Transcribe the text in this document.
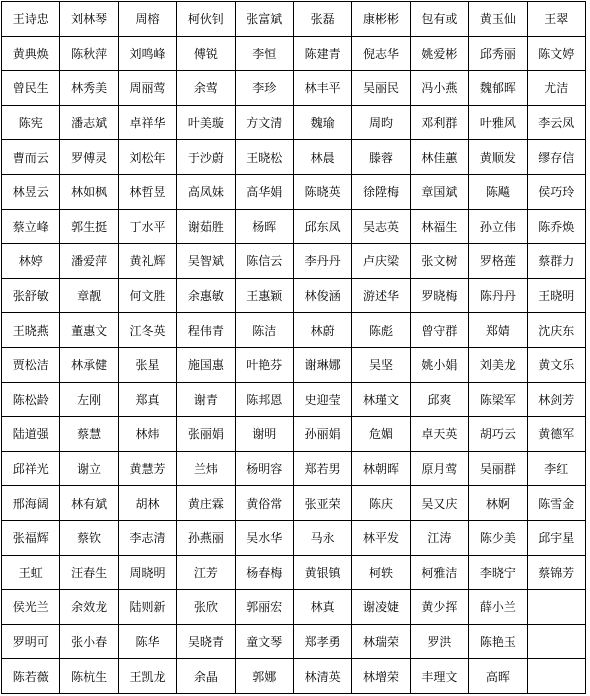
王诗忠	刘林琴	周榕	柯伙钊	张富斌	张磊	康彬彬	包有或	黄玉仙	王翠
黄典焕	陈秋萍	刘鸣峰	傅锐	李恒	陈建青	倪志华	姚爱彬	邱秀丽	陈文婷
曾民生	林秀美	周丽莺	余莺	李珍	林丰平	吴丽民	冯小燕	魏郁晖	尤洁
陈宪	潘志斌	卓祥华	叶美璇	方文清	魏瑜	周昀	邓利群	叶雅风	李云凤
曹而云	罗傅灵	刘松年	于沙蔚	王晓松	林晨	滕蓉	林佳蕙	黄顺发	缪存信
林昱云	林如枫	林哲昱	高凤妹	高华娟	陈晓英	徐陞梅	章国斌	陈飚	侯巧玲
蔡立峰	郭生挺	丁水平	谢茹胜	杨晖	邱东凤	吴志英	林福生	孙立伟	陈乔焕
林婷	潘爱萍	黄礼辉	吴智斌	陈信云	李丹丹	卢庆梁	张文树	罗格莲	蔡群力
张舒敏	章靓	何文胜	余惠敏	王惠颖	林俊涵	游述华	罗晓梅	陈丹丹	王晓明
王晓燕	董惠文	江冬英	程伟青	陈洁	林蔚	陈彪	曾守群	郑婧	沈庆东
贾松洁	林承健	张星	施国惠	叶艳芬	谢琳娜	吴坚	姚小娟	刘美龙	黄文乐
陈松龄	左刚	郑真	谢青	陈邦恩	史迎莹	林瑾文	邱爽	陈梁军	林剑芳
陆道强	蔡慧	林炜	张丽娟	谢明	孙丽娟	危媚	卓天英	胡巧云	黄德军
邱祥光	谢立	黄慧芳	兰炜	杨明容	郑若男	林朝晖	原月莺	吴丽群	李红
邢海阔	林有斌	胡林	黄庄霖	黄俗常	张亚荣	陈庆	吴又庆	林婀	陈雪金
张福辉	蔡钦	李志清	孙燕丽	吴水华	马永	林平发	江涛	陈少美	邱宇星
王虹	汪春生	周晓明	江芳	杨春梅	黄银镇	柯轶	柯雅洁	李晓宁	蔡锦芳
侯光兰	余效龙	陆则新	张欣	郭丽宏	林真	谢凌婕	黄少挥	薛小兰	
罗明可	张小春	陈华	吴晓青	童文琴	郑孝勇	林瑞荣	罗洪	陈艳玉	
陈若薇	陈杭生	王凯龙	余晶	郭娜	林清英	林增荣	丰理文	高晖	
